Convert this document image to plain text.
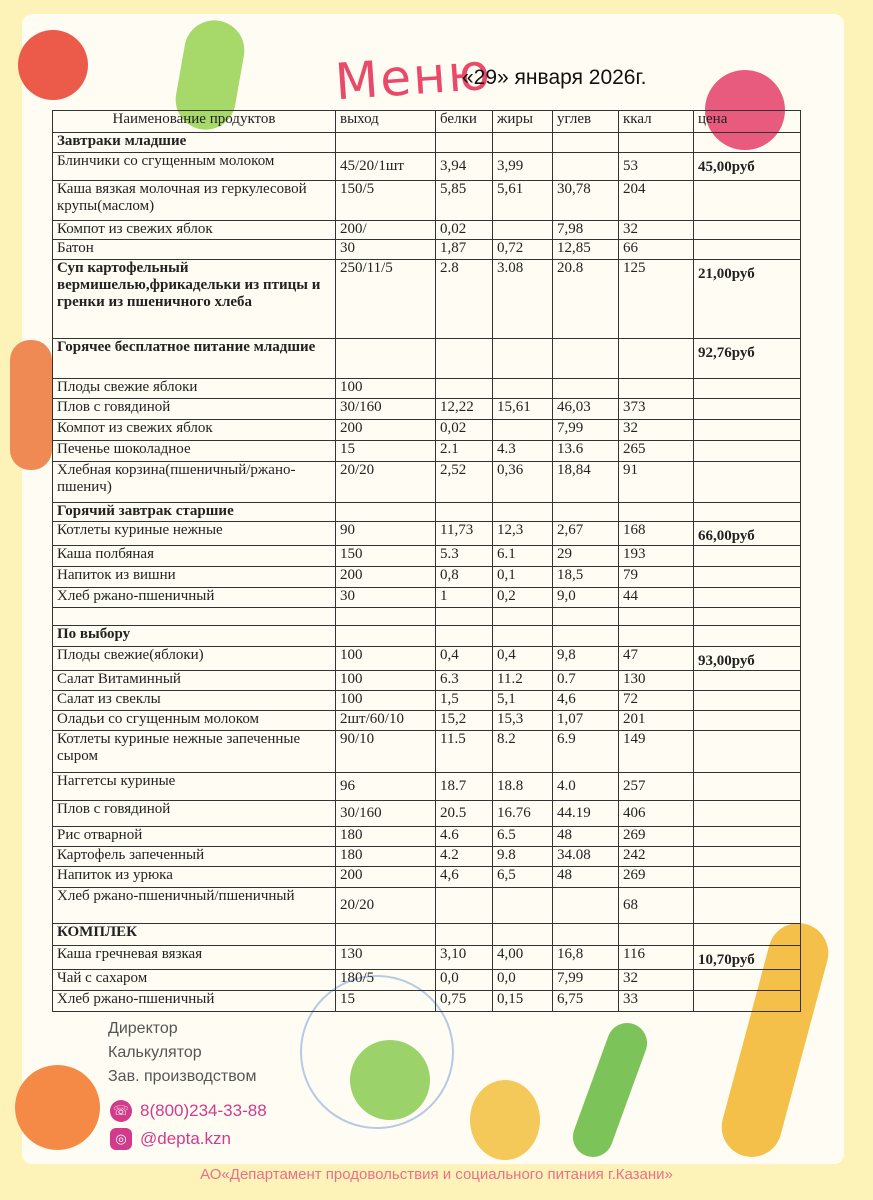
Меню
«29» января 2026г.
Наименование продуктов	выход	белки	жиры	углев	ккал	цена
Завтраки младшие						
Блинчики со сгущенным молоком	45/20/1шт	3,94	3,99		53	45,00руб
Каша вязкая молочная из геркулесовой крупы(маслом)	150/5	5,85	5,61	30,78	204	
Компот из свежих яблок	200/	0,02		7,98	32	
Батон	30	1,87	0,72	12,85	66	
Суп картофельный вермишелью,фрикадельки из птицы и гренки из пшеничного хлеба	250/11/5	2.8	3.08	20.8	125	21,00руб
Горячее бесплатное питание младшие						92,76руб
Плоды свежие яблоки	100					
Плов с говядиной	30/160	12,22	15,61	46,03	373	
Компот из свежих яблок	200	0,02		7,99	32	
Печенье шоколадное	15	2.1	4.3	13.6	265	
Хлебная корзина(пшеничный/ржано-пшенич)	20/20	2,52	0,36	18,84	91	
Горячий завтрак старшие						
Котлеты куриные нежные	90	11,73	12,3	2,67	168	66,00руб
Каша полбяная	150	5.3	6.1	29	193	
Напиток из вишни	200	0,8	0,1	18,5	79	
Хлеб ржано-пшеничный	30	1	0,2	9,0	44	

По выбору						
Плоды свежие(яблоки)	100	0,4	0,4	9,8	47	93,00руб
Салат Витаминный	100	6.3	11.2	0.7	130	
Салат из свеклы	100	1,5	5,1	4,6	72	
Оладьи со сгущенным молоком	2шт/60/10	15,2	15,3	1,07	201	
Котлеты куриные нежные запеченные сыром	90/10	11.5	8.2	6.9	149	
Наггетсы куриные	96	18.7	18.8	4.0	257	
Плов с говядиной	30/160	20.5	16.76	44.19	406	
Рис отварной	180	4.6	6.5	48	269	
Картофель запеченный	180	4.2	9.8	34.08	242	
Напиток из урюка	200	4,6	6,5	48	269	
Хлеб ржано-пшеничный/пшеничный	20/20				68	
КОМПЛЕК						
Каша гречневая вязкая	130	3,10	4,00	16,8	116	10,70руб
Чай с сахаром	180/5	0,0	0,0	7,99	32	
Хлеб ржано-пшеничный	15	0,75	0,15	6,75	33	
Директор
Калькулятор
Зав. производством
☏ 8(800)234-33-88
◎ @depta.kzn
АО«Департамент продовольствия и социального питания г.Казани»
